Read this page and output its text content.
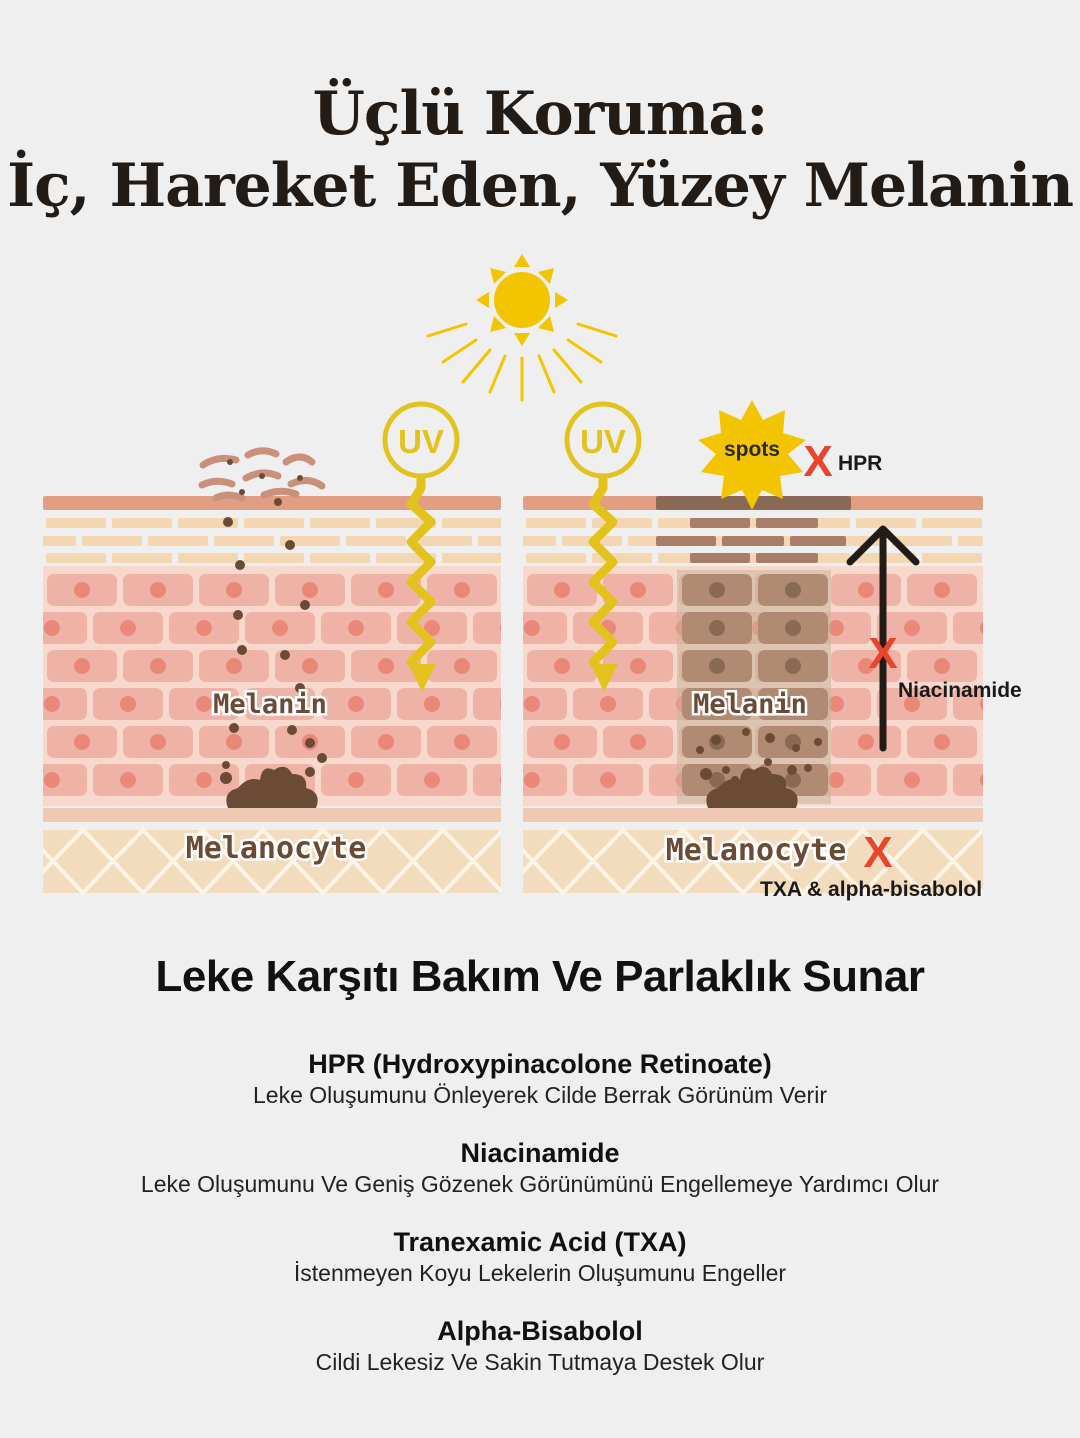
Üçlü Koruma:
İç, Hareket Eden, Yüzey Melanin
UV	UV
Melanin	Melanin
Melanocyte	Melanocyte
spots X HPR
X
Niacinamide
X
TXA & alpha-bisabolol
Leke Karşıtı Bakım Ve Parlaklık Sunar
HPR (Hydroxypinacolone Retinoate)
Leke Oluşumunu Önleyerek Cilde Berrak Görünüm Verir
Niacinamide
Leke Oluşumunu Ve Geniş Gözenek Görünümünü Engellemeye Yardımcı Olur
Tranexamic Acid (TXA)
İstenmeyen Koyu Lekelerin Oluşumunu Engeller
Alpha-Bisabolol
Cildi Lekesiz Ve Sakin Tutmaya Destek Olur
